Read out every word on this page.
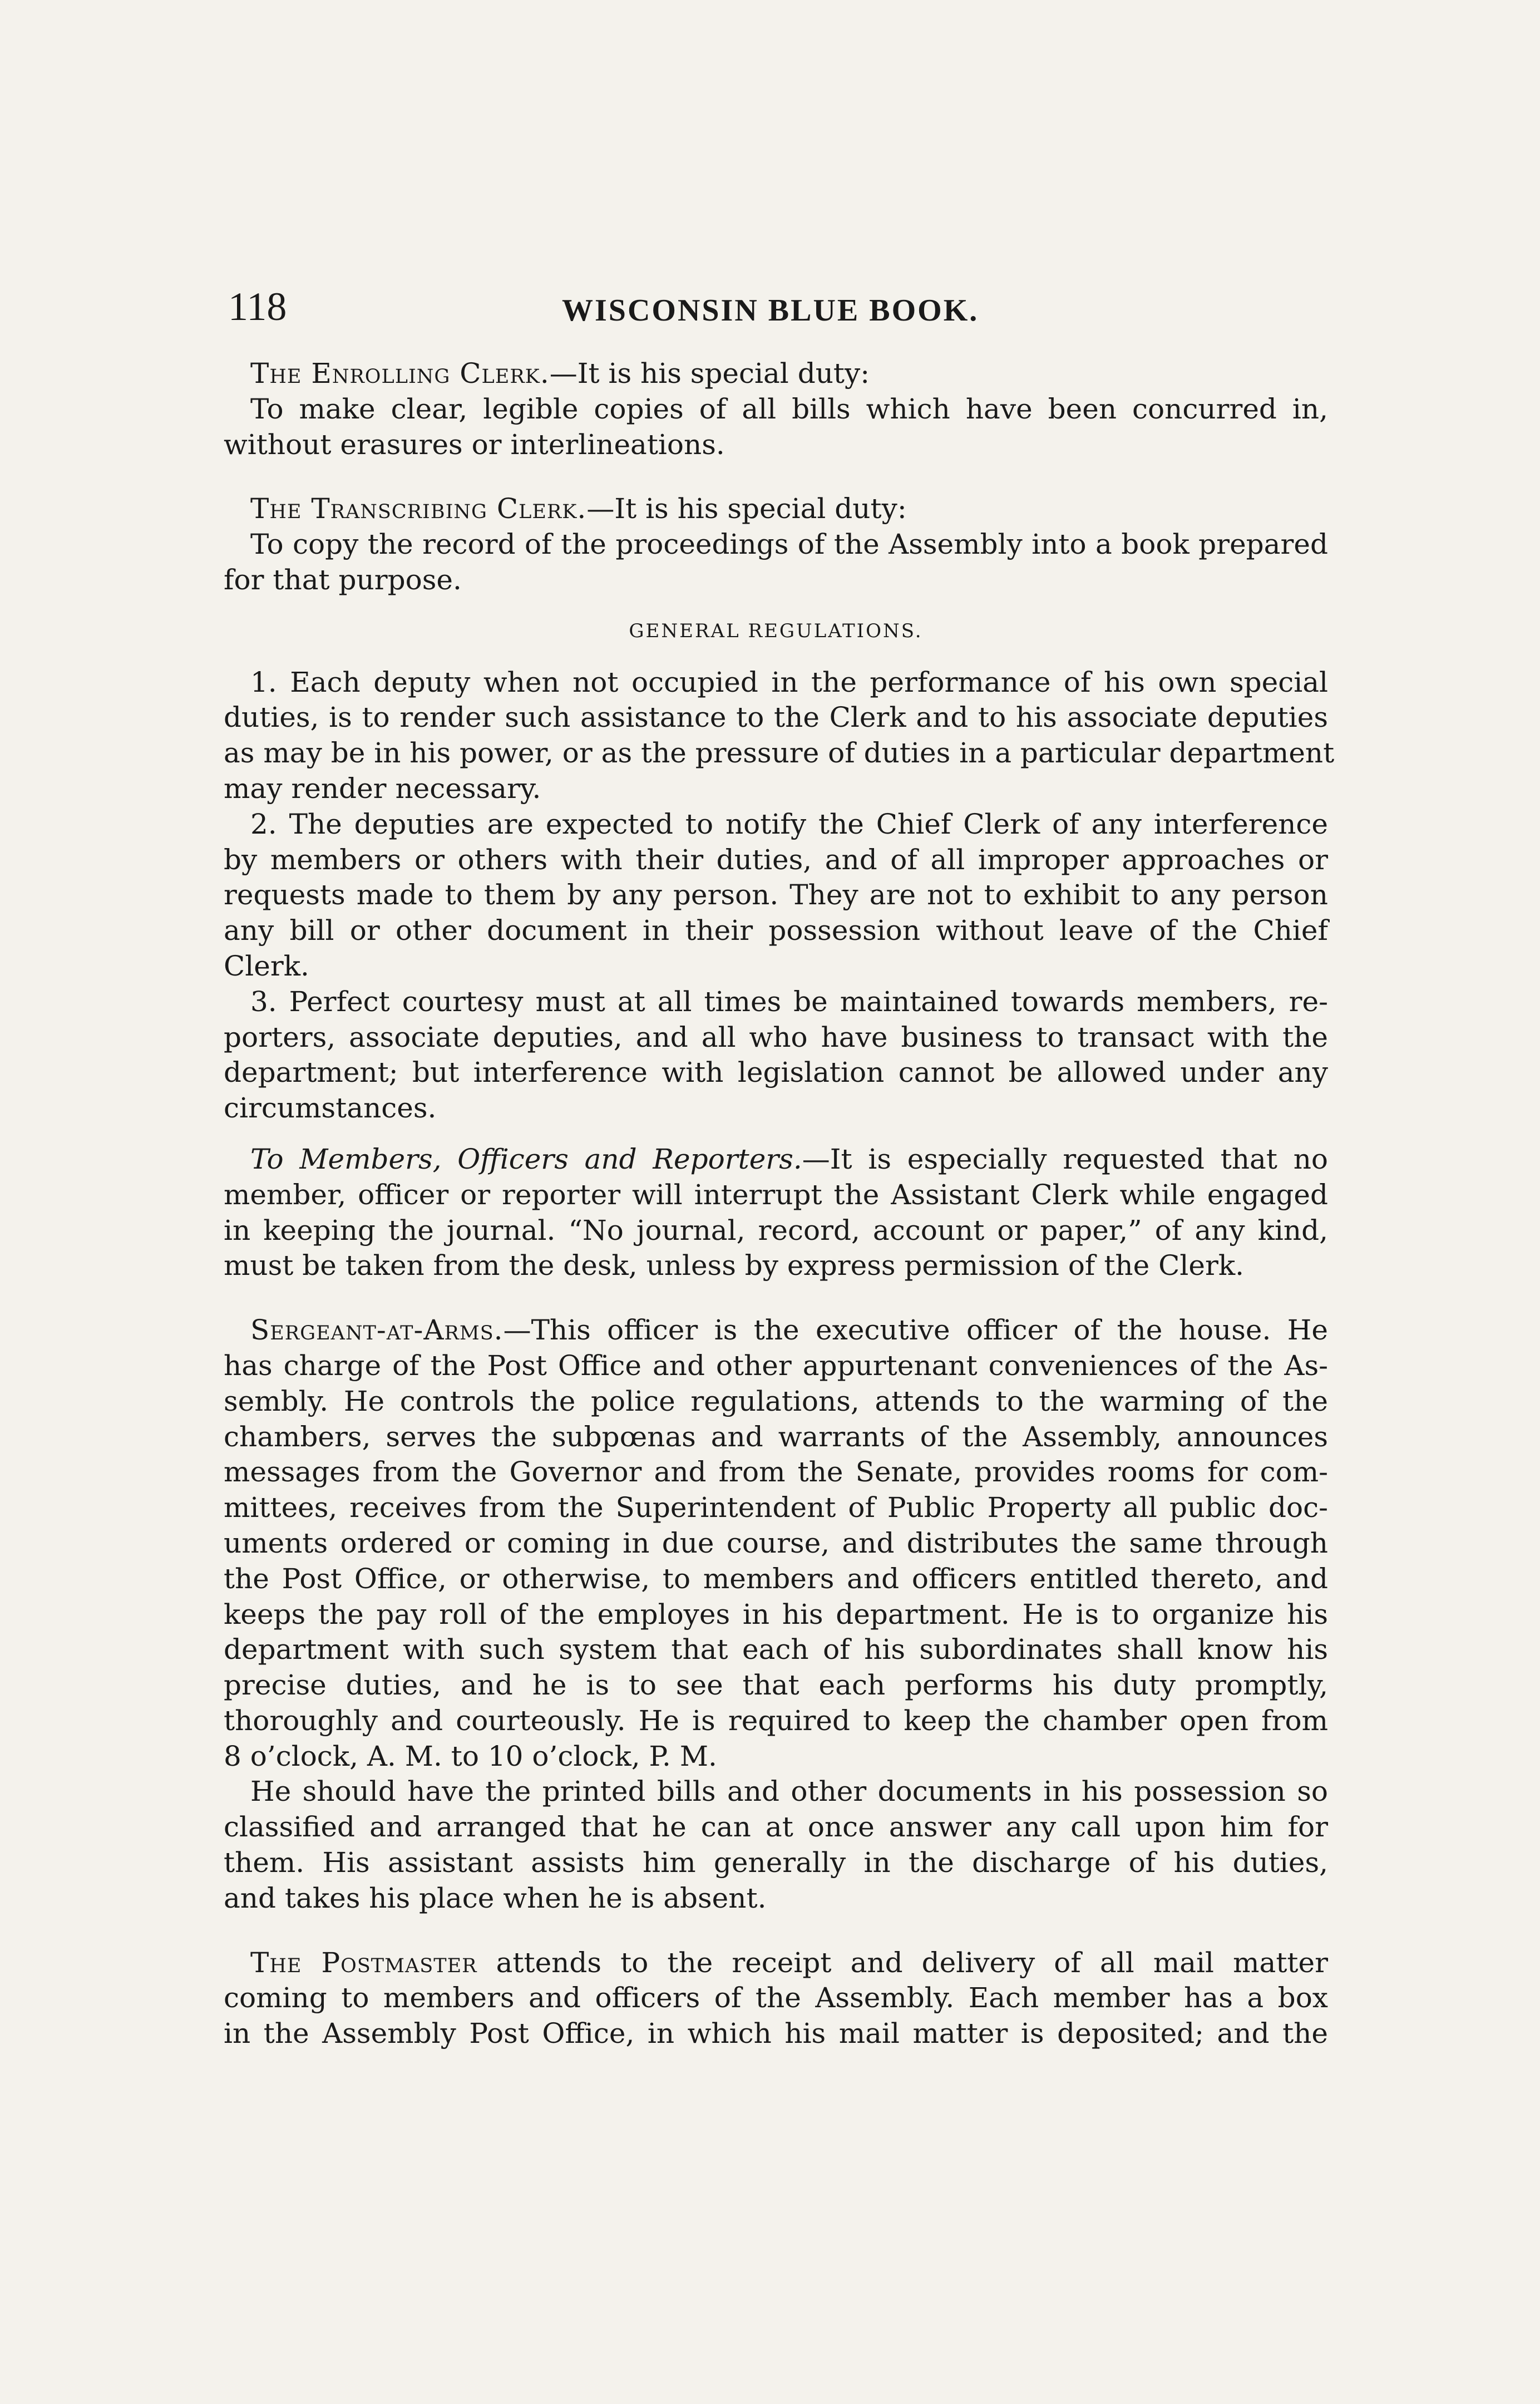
118	WISCONSIN BLUE BOOK.
The Enrolling Clerk.—It is his special duty:
To make clear, legible copies of all bills which have been concurred in,
without erasures or interlineations.
The Transcribing Clerk.—It is his special duty:
To copy the record of the proceedings of the Assembly into a book prepared
for that purpose.
GENERAL REGULATIONS.
1. Each deputy when not occupied in the performance of his own special
duties, is to render such assistance to the Clerk and to his associate deputies
as may be in his power, or as the pressure of duties in a particular department
may render necessary.
2. The deputies are expected to notify the Chief Clerk of any interference
by members or others with their duties, and of all improper approaches or
requests made to them by any person. They are not to exhibit to any person
any bill or other document in their possession without leave of the Chief
Clerk.
3. Perfect courtesy must at all times be maintained towards members, re-
porters, associate deputies, and all who have business to transact with the
department; but interference with legislation cannot be allowed under any
circumstances.
To Members, Officers and Reporters.—It is especially requested that no
member, officer or reporter will interrupt the Assistant Clerk while engaged
in keeping the journal. “No journal, record, account or paper,” of any kind,
must be taken from the desk, unless by express permission of the Clerk.
Sergeant-at-Arms.—This officer is the executive officer of the house. He
has charge of the Post Office and other appurtenant conveniences of the As-
sembly. He controls the police regulations, attends to the warming of the
chambers, serves the subpœnas and warrants of the Assembly, announces
messages from the Governor and from the Senate, provides rooms for com-
mittees, receives from the Superintendent of Public Property all public doc-
uments ordered or coming in due course, and distributes the same through
the Post Office, or otherwise, to members and officers entitled thereto, and
keeps the pay roll of the employes in his department. He is to organize his
department with such system that each of his subordinates shall know his
precise duties, and he is to see that each performs his duty promptly,
thoroughly and courteously. He is required to keep the chamber open from
8 o’clock, A. M. to 10 o’clock, P. M.
He should have the printed bills and other documents in his possession so
classified and arranged that he can at once answer any call upon him for
them. His assistant assists him generally in the discharge of his duties,
and takes his place when he is absent.
The Postmaster attends to the receipt and delivery of all mail matter
coming to members and officers of the Assembly. Each member has a box
in the Assembly Post Office, in which his mail matter is deposited; and the
